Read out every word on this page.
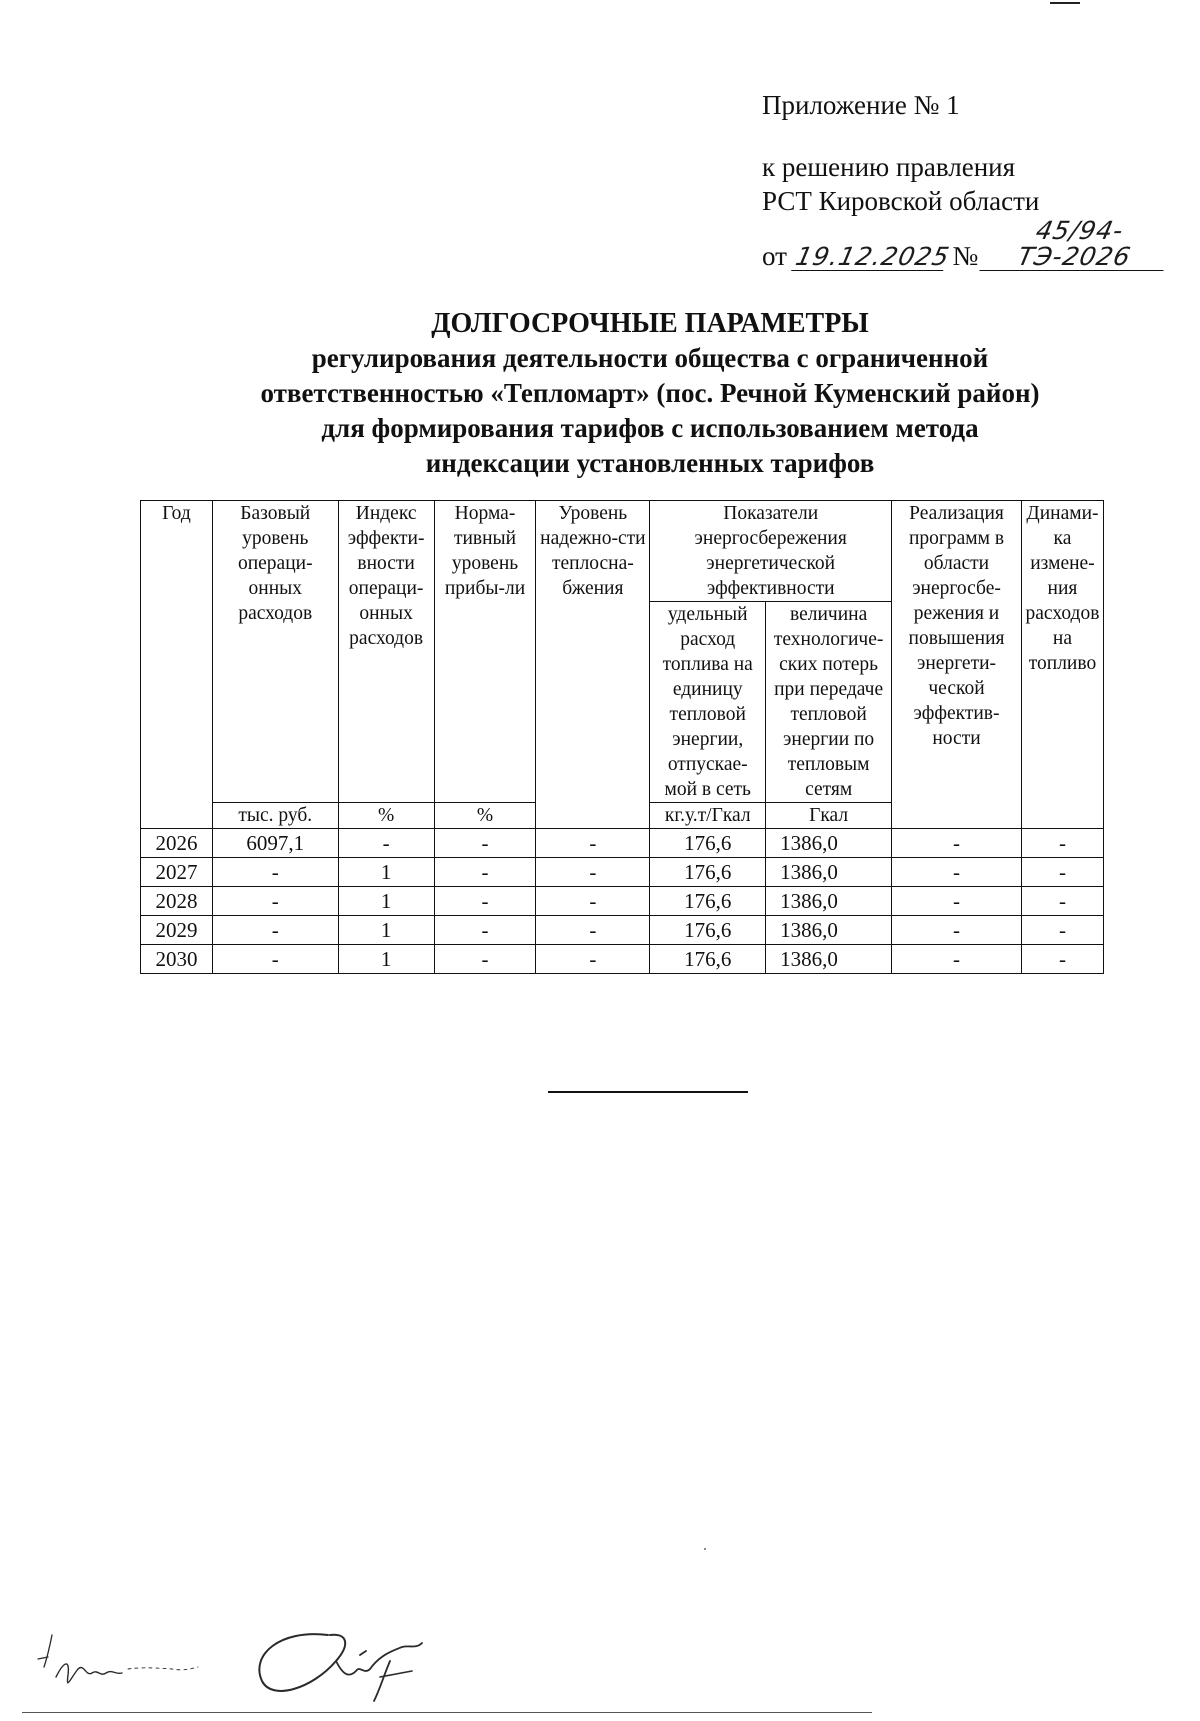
Приложение № 1
к решению правления
РСТ Кировской области
от 19.12.2025 № 45/94-ТЭ-2026
ДОЛГОСРОЧНЫЕ ПАРАМЕТРЫ
регулирования деятельности общества с ограниченной
ответственностью «Тепломарт» (пос. Речной Куменский район)
для формирования тарифов с использованием метода
индексации установленных тарифов
Год	Базовый уровень операци-онных расходов	Индекс эффекти-вности операци-онных расходов	Норма-тивный уровень прибы-ли	Уровень надежно-сти теплосна-бжения	Показатели энергосбережения энергетической эффективности		Реализация программ в области энергосбе-режения и повышения энергети-ческой эффектив-ности	Динами-ка измене-ния расходов на топливо
					удельный расход топлива на единицу тепловой энергии, отпускае-мой в сеть	величина технологиче-ских потерь при передаче тепловой энергии по тепловым сетям		
	тыс. руб.	%	%		кг.у.т/Гкал	Гкал		
2026	6097,1	-	-	-	176,6	1386,0	-	-
2027	-	1	-	-	176,6	1386,0	-	-
2028	-	1	-	-	176,6	1386,0	-	-
2029	-	1	-	-	176,6	1386,0	-	-
2030	-	1	-	-	176,6	1386,0	-	-
